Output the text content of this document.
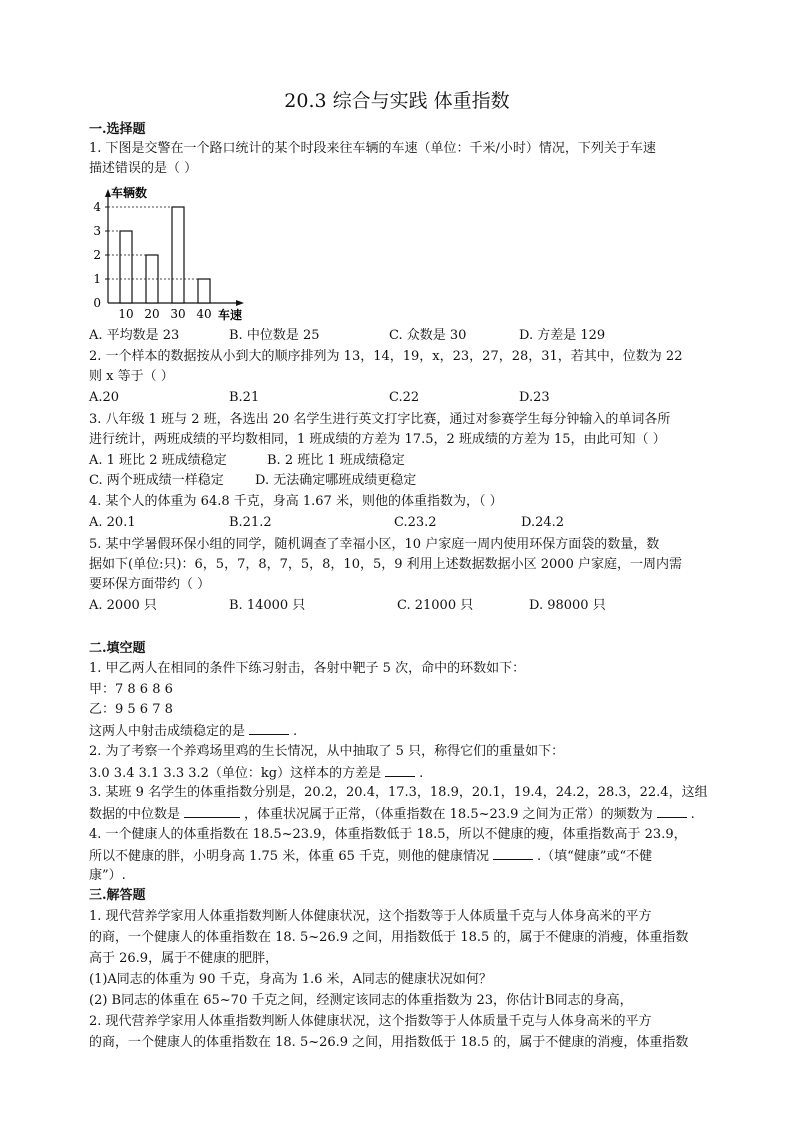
20.3 综合与实践 体重指数
一.选择题
1. 下图是交警在一个路口统计的某个时段来往车辆的车速（单位：千米/小时）情况，下列关于车速
描述错误的是（ ）
0
1
2
3
4
10 20 30 40
车辆数
车速
A. 平均数是 23	B. 中位数是 25	C. 众数是 30	D. 方差是 129
2. 一个样本的数据按从小到大的顺序排列为 13，14，19，x，23，27，28，31，若其中，位数为 22
则 x 等于（ ）
A.20	B.21	C.22	D.23
3. 八年级 1 班与 2 班，各选出 20 名学生进行英文打字比赛，通过对参赛学生每分钟输入的单词各所
进行统计，两班成绩的平均数相同，1 班成绩的方差为 17.5，2 班成绩的方差为 15，由此可知（ ）
A. 1 班比 2 班成绩稳定	B. 2 班比 1 班成绩稳定
C. 两个班成绩一样稳定 D. 无法确定哪班成绩更稳定
4. 某个人的体重为 64.8 千克，身高 1.67 米，则他的体重指数为，（ ）
A. 20.1	B.21.2	C.23.2	D.24.2
5. 某中学暑假环保小组的同学，随机调查了幸福小区，10 户家庭一周内使用环保方面袋的数量，数
据如下(单位:只)：6，5，7，8，7，5，8，10，5，9 利用上述数据数据小区 2000 户家庭，一周内需
要环保方面带约（ ）
A. 2000 只	B. 14000 只	C. 21000 只	D. 98000 只
二.填空题
1. 甲乙两人在相同的条件下练习射击，各射中靶子 5 次，命中的环数如下：
甲：7 8 6 8 6
乙：9 5 6 7 8
这两人中射击成绩稳定的是	.
2. 为了考察一个养鸡场里鸡的生长情况，从中抽取了 5 只，称得它们的重量如下：
3.0 3.4 3.1 3.3 3.2（单位：kg）这样本的方差是	.
3. 某班 9 名学生的体重指数分别是，20.2，20.4，17.3，18.9，20.1，19.4，24.2，28.3，22.4，这组
数据的中位数是	，体重状况属于正常，（体重指数在 18.5~23.9 之间为正常）的频数为	.
4. 一个健康人的体重指数在 18.5~23.9，体重指数低于 18.5，所以不健康的瘦，体重指数高于 23.9，
所以不健康的胖，小明身高 1.75 米，体重 65 千克，则他的健康情况	.（填“健康”或“不健
康”）.
三.解答题
1. 现代营养学家用人体重指数判断人体健康状况，这个指数等于人体质量千克与人体身高米的平方
的商，一个健康人的体重指数在 18. 5~26.9 之间，用指数低于 18.5 的，属于不健康的消瘦，体重指数
高于 26.9，属于不健康的肥胖，
(1)A同志的体重为 90 千克，身高为 1.6 米，A同志的健康状况如何？
(2) B同志的体重在 65~70 千克之间，经测定该同志的体重指数为 23，你估计B同志的身高，
2. 现代营养学家用人体重指数判断人体健康状况，这个指数等于人体质量千克与人体身高米的平方
的商，一个健康人的体重指数在 18. 5~26.9 之间，用指数低于 18.5 的，属于不健康的消瘦，体重指数
